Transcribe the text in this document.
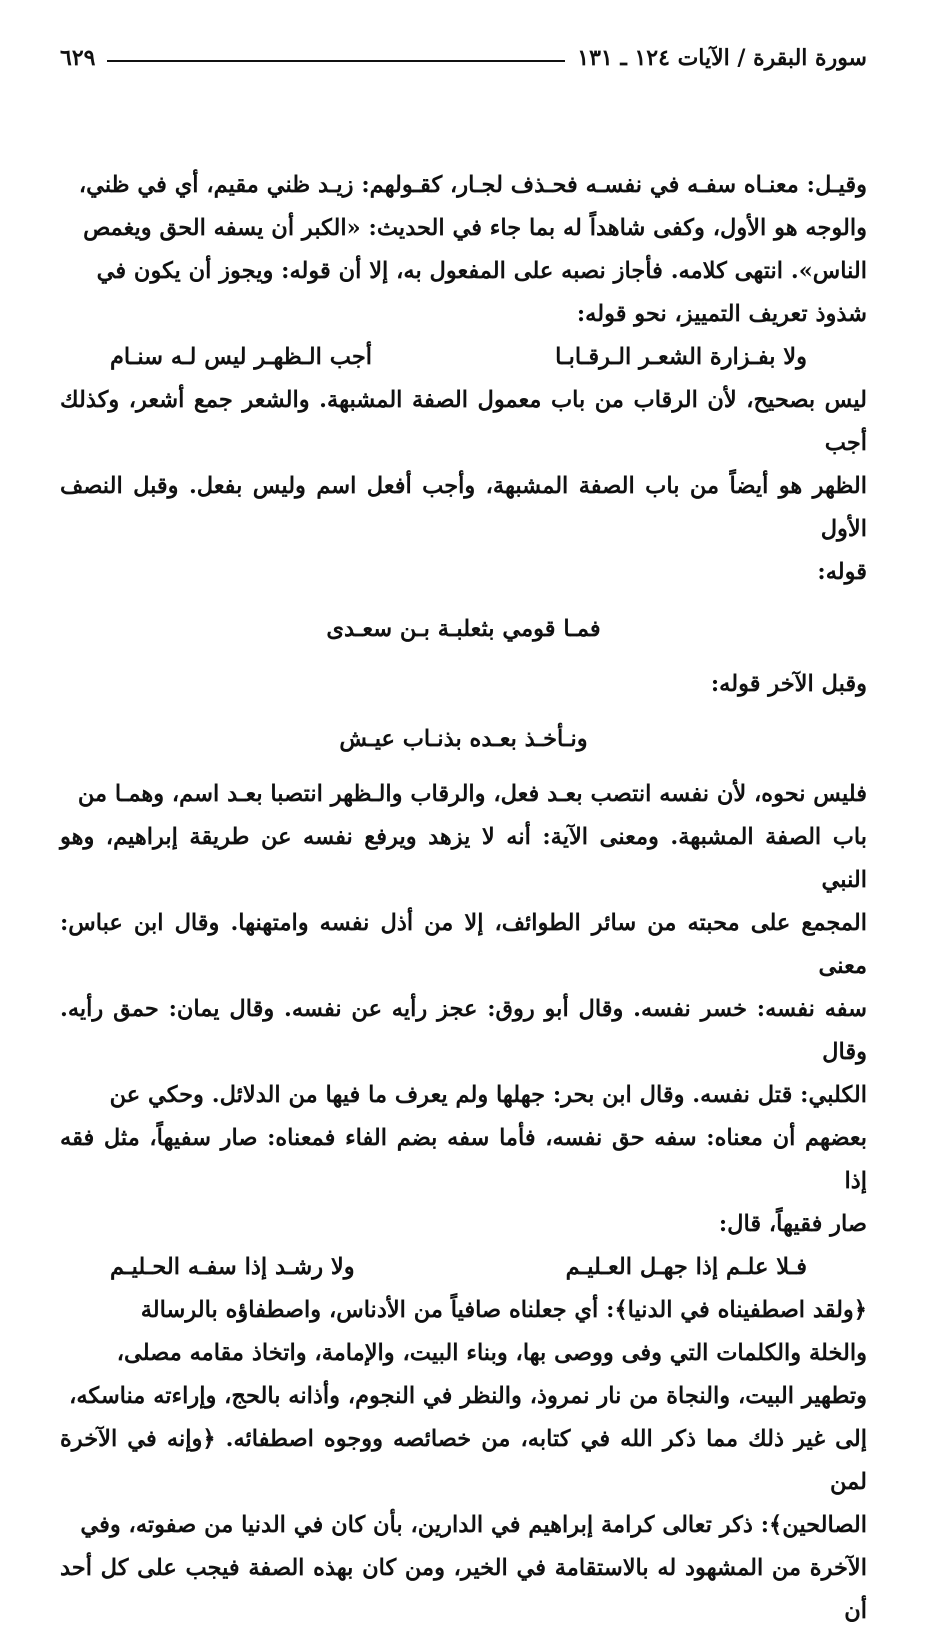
سورة البقرة / الآيات ١٢٤ ـ ١٣١
٦٢٩

وقيـل: معنـاه سفـه في نفسـه فحـذف لجـار، كقـولهم: زيـد ظني مقيم، أي في ظني،

والوجه هو الأول، وكفى شاهداً له بما جاء في الحديث: «الكبر أن يسفه الحق ويغمص

الناس». انتهى كلامه. فأجاز نصبه على المفعول به، إلا أن قوله: ويجوز أن يكون في

شذوذ تعريف التمييز، نحو قوله:

ولا بفـزارة الشعـر الـرقـابـا
أجب الـظهـر ليس لـه سنـام

ليس بصحيح، لأن الرقاب من باب معمول الصفة المشبهة. والشعر جمع أشعر، وكذلك أجب

الظهر هو أيضاً من باب الصفة المشبهة، وأجب أفعل اسم وليس بفعل. وقبل النصف الأول

قوله:

فمـا قومي بثعلبـة بـن سعـدى

وقبل الآخر قوله:

ونـأخـذ بعـده بذنـاب عيـش

فليس نحوه، لأن نفسه انتصب بعـد فعل، والرقاب والـظهر انتصبا بعـد اسم، وهمـا من

باب الصفة المشبهة. ومعنى الآية: أنه لا يزهد ويرفع نفسه عن طريقة إبراهيم، وهو النبي

المجمع على محبته من سائر الطوائف، إلا من أذل نفسه وامتهنها. وقال ابن عباس: معنى

سفه نفسه: خسر نفسه. وقال أبو روق: عجز رأيه عن نفسه. وقال يمان: حمق رأيه. وقال

الكلبي: قتل نفسه. وقال ابن بحر: جهلها ولم يعرف ما فيها من الدلائل. وحكي عن

بعضهم أن معناه: سفه حق نفسه، فأما سفه بضم الفاء فمعناه: صار سفيهاً، مثل فقه إذا

صار فقيهاً، قال:

فـلا علـم إذا جهـل العـليـم
ولا رشـد إذا سفـه الحـليـم

﴿ولقد اصطفيناه في الدنيا﴾: أي جعلناه صافياً من الأدناس، واصطفاؤه بالرسالة

والخلة والكلمات التي وفى ووصى بها، وبناء البيت، والإمامة، واتخاذ مقامه مصلى،

وتطهير البيت، والنجاة من نار نمروذ، والنظر في النجوم، وأذانه بالحج، وإراءته مناسكه،

إلى غير ذلك مما ذكر الله في كتابه، من خصائصه ووجوه اصطفائه. ﴿وإنه في الآخرة لمن

الصالحين﴾: ذكر تعالى كرامة إبراهيم في الدارين، بأن كان في الدنيا من صفوته، وفي

الآخرة من المشهود له بالاستقامة في الخير، ومن كان بهذه الصفة فيجب على كل أحد أن
